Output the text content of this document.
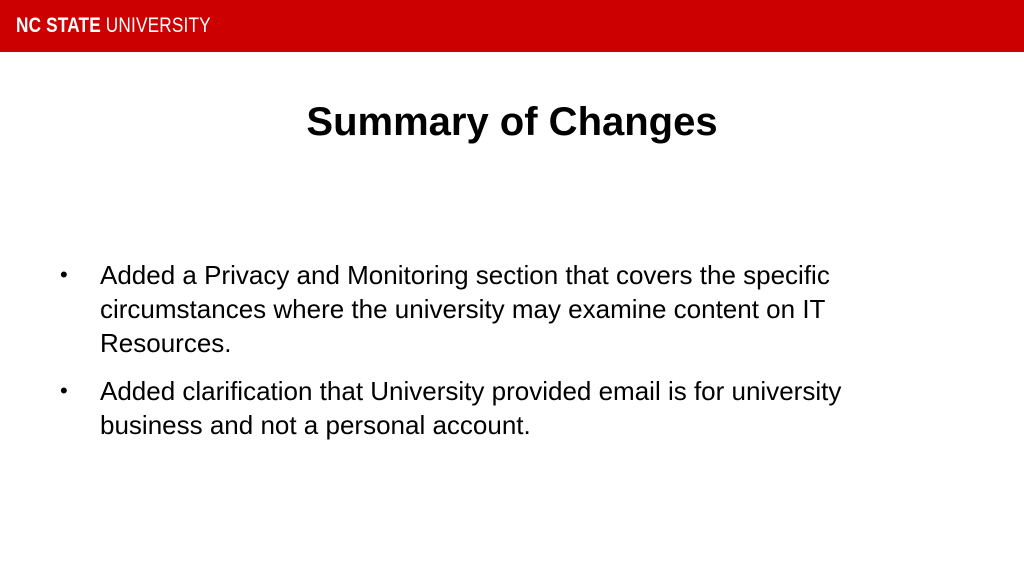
NC STATE UNIVERSITY
Summary of Changes
• Added a Privacy and Monitoring section that covers the specific circumstances where the university may examine content on IT Resources.
• Added clarification that University provided email is for university business and not a personal account.
